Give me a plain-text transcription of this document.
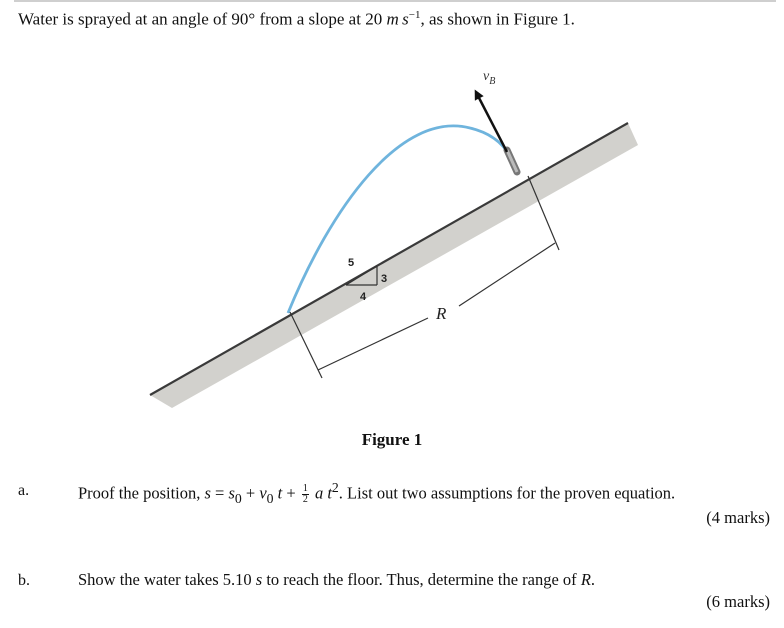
Water is sprayed at an angle of 90° from a slope at 20 m  $s^{-1}$, as shown in Figure 1.
$v_B$
5
3
4
R
Figure 1
a.	Proof the position, $s = s_0 + v_0$ $t + \frac{1}{2}$ a $t^2$. List out two assumptions for the proven equation.
(4 marks)
b.	Show the water takes 5.10 s to reach the floor. Thus, determine the range of R.
(6 marks)
